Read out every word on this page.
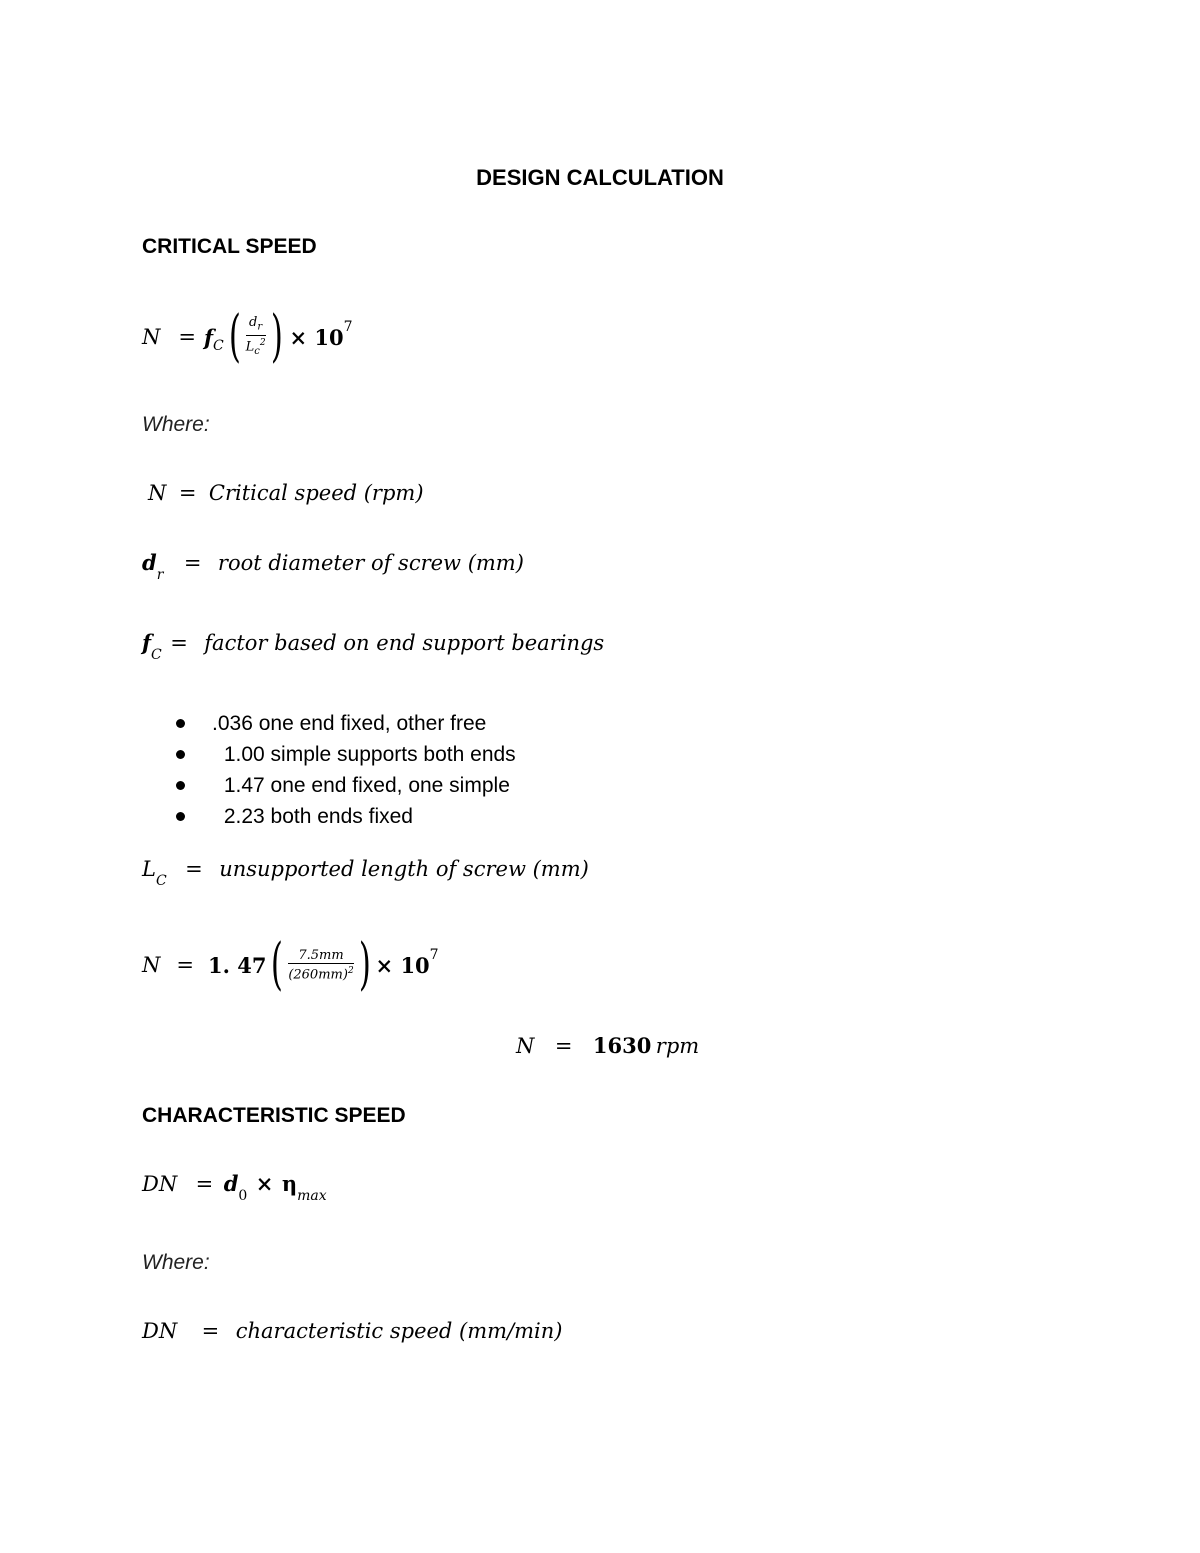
DESIGN CALCULATION
CRITICAL SPEED
N = f C ( $\frac{d_r}{L_c^2}$ ) × 10 7
Where:
N = Critical speed (rpm)
dr = root diameter of screw (mm)
fC = factor based on end support bearings
.036 one end fixed, other free
1.00 simple supports both ends
1.47 one end fixed, one simple
2.23 both ends fixed
LC = unsupported length of screw (mm)
N = 1. 47 ( $\frac{7.5mm}{(260mm)^2}$ ) × 10 7
N = 1630 rpm
CHARACTERISTIC SPEED
DN = d0 × ηmax
Where:
DN = characteristic speed (mm/min)
